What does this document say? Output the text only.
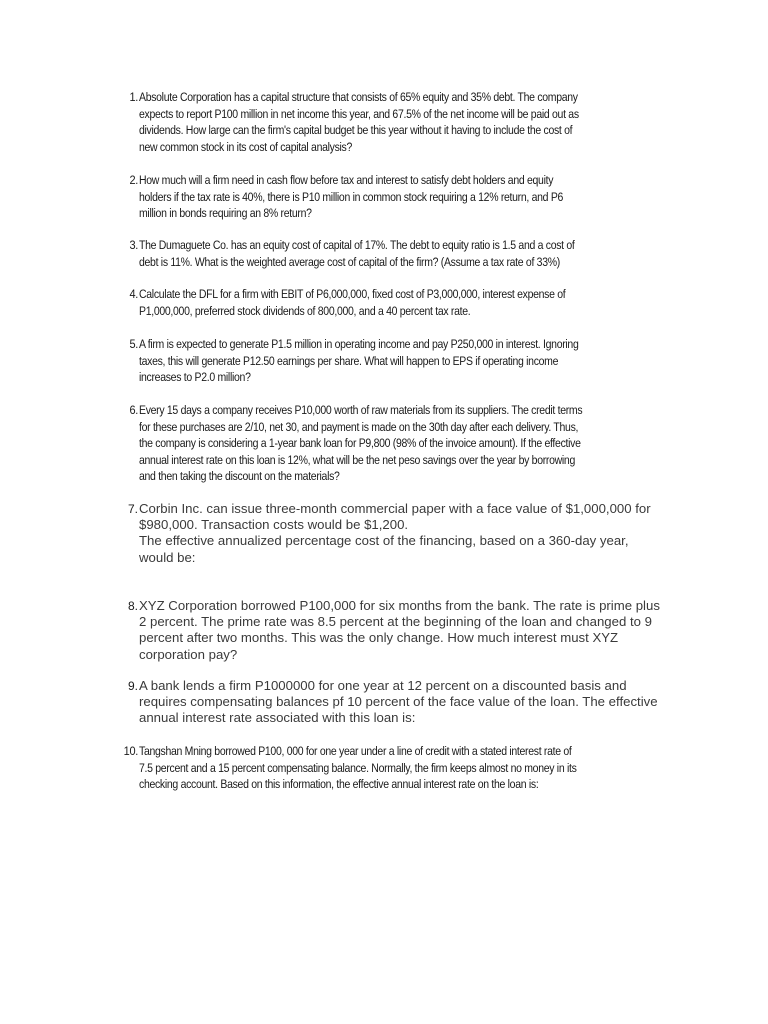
1. Absolute Corporation has a capital structure that consists of 65% equity and 35% debt. The company
expects to report P100 million in net income this year, and 67.5% of the net income will be paid out as
dividends. How large can the firm's capital budget be this year without it having to include the cost of
new common stock in its cost of capital analysis?
2. How much will a firm need in cash flow before tax and interest to satisfy debt holders and equity
holders if the tax rate is 40%, there is P10 million in common stock requiring a 12% return, and P6
million in bonds requiring an 8% return?
3. The Dumaguete Co. has an equity cost of capital of 17%. The debt to equity ratio is 1.5 and a cost of
debt is 11%. What is the weighted average cost of capital of the firm? (Assume a tax rate of 33%)
4. Calculate the DFL for a firm with EBIT of P6,000,000, fixed cost of P3,000,000, interest expense of
P1,000,000, preferred stock dividends of 800,000, and a 40 percent tax rate.
5. A firm is expected to generate P1.5 million in operating income and pay P250,000 in interest. Ignoring
taxes, this will generate P12.50 earnings per share. What will happen to EPS if operating income
increases to P2.0 million?
6. Every 15 days a company receives P10,000 worth of raw materials from its suppliers. The credit terms
for these purchases are 2/10, net 30, and payment is made on the 30th day after each delivery. Thus,
the company is considering a 1-year bank loan for P9,800 (98% of the invoice amount). If the effective
annual interest rate on this loan is 12%, what will be the net peso savings over the year by borrowing
and then taking the discount on the materials?
7. Corbin Inc. can issue three-month commercial paper with a face value of $1,000,000 for
$980,000. Transaction costs would be $1,200.
The effective annualized percentage cost of the financing, based on a 360-day year,
would be:
8. XYZ Corporation borrowed P100,000 for six months from the bank. The rate is prime plus
2 percent. The prime rate was 8.5 percent at the beginning of the loan and changed to 9
percent after two months. This was the only change. How much interest must XYZ
corporation pay?
9. A bank lends a firm P1000000 for one year at 12 percent on a discounted basis and
requires compensating balances pf 10 percent of the face value of the loan. The effective
annual interest rate associated with this loan is:
10. Tangshan Mning borrowed P100, 000 for one year under a line of credit with a stated interest rate of
7.5 percent and a 15 percent compensating balance. Normally, the firm keeps almost no money in its
checking account. Based on this information, the effective annual interest rate on the loan is:
